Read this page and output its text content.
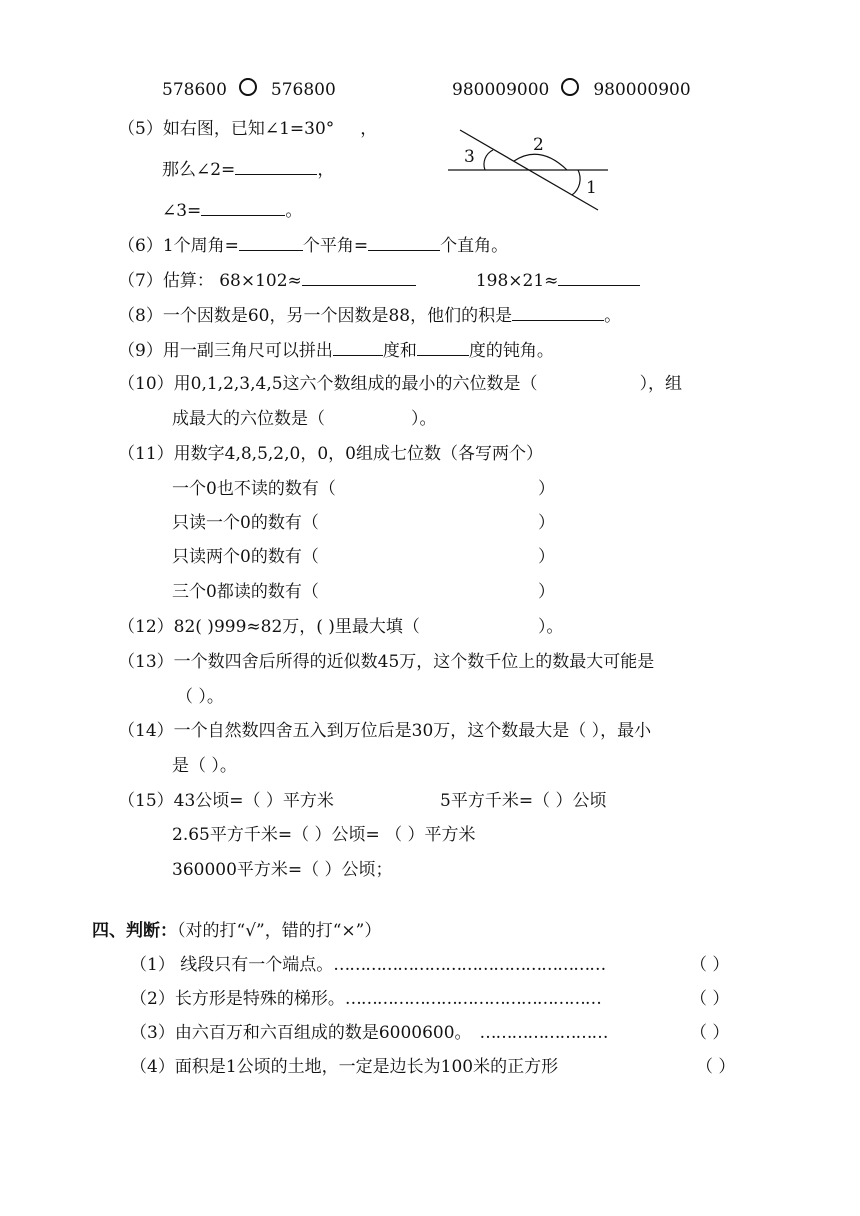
578600	576800	980009000	980000900
（5）如右图，已知∠1=30° ，
那么∠2=	，
∠3=	。
3
2
1
（6）1个周角=	个平角=	个直角。
（7）估算： 68×102≈	198×21≈
（8）一个因数是60，另一个因数是88，他们的积是	。
（9）用一副三角尺可以拼出	度和	度的钝角。
（10）用0,1,2,3,4,5这六个数组成的最小的六位数是（	），组
成最大的六位数是（	）。
（11）用数字4,8,5,2,0，0，0组成七位数（各写两个）
一个0也不读的数有（	）
只读一个0的数有（	）
只读两个0的数有（	）
三个0都读的数有（	）
（12）82( )999≈82万，( )里最大填（	）。
（13）一个数四舍后所得的近似数45万，这个数千位上的数最大可能是
（ ）。
（14）一个自然数四舍五入到万位后是30万，这个数最大是（ ），最小
是（ ）。
（15）43公顷=（ ）平方米	5平方千米=（ ）公顷
2.65平方千米=（ ）公顷= （ ）平方米
360000平方米=（ ）公顷；
四、判断：（对的打“√”，错的打“×”）
（1） 线段只有一个端点。……………………………………………	（ ）
（2）长方形是特殊的梯形。…………………………………………	（ ）
（3）由六百万和六百组成的数是6000600。 ……………………	（ ）
（4）面积是1公顷的土地，一定是边长为100米的正方形	（ ）
